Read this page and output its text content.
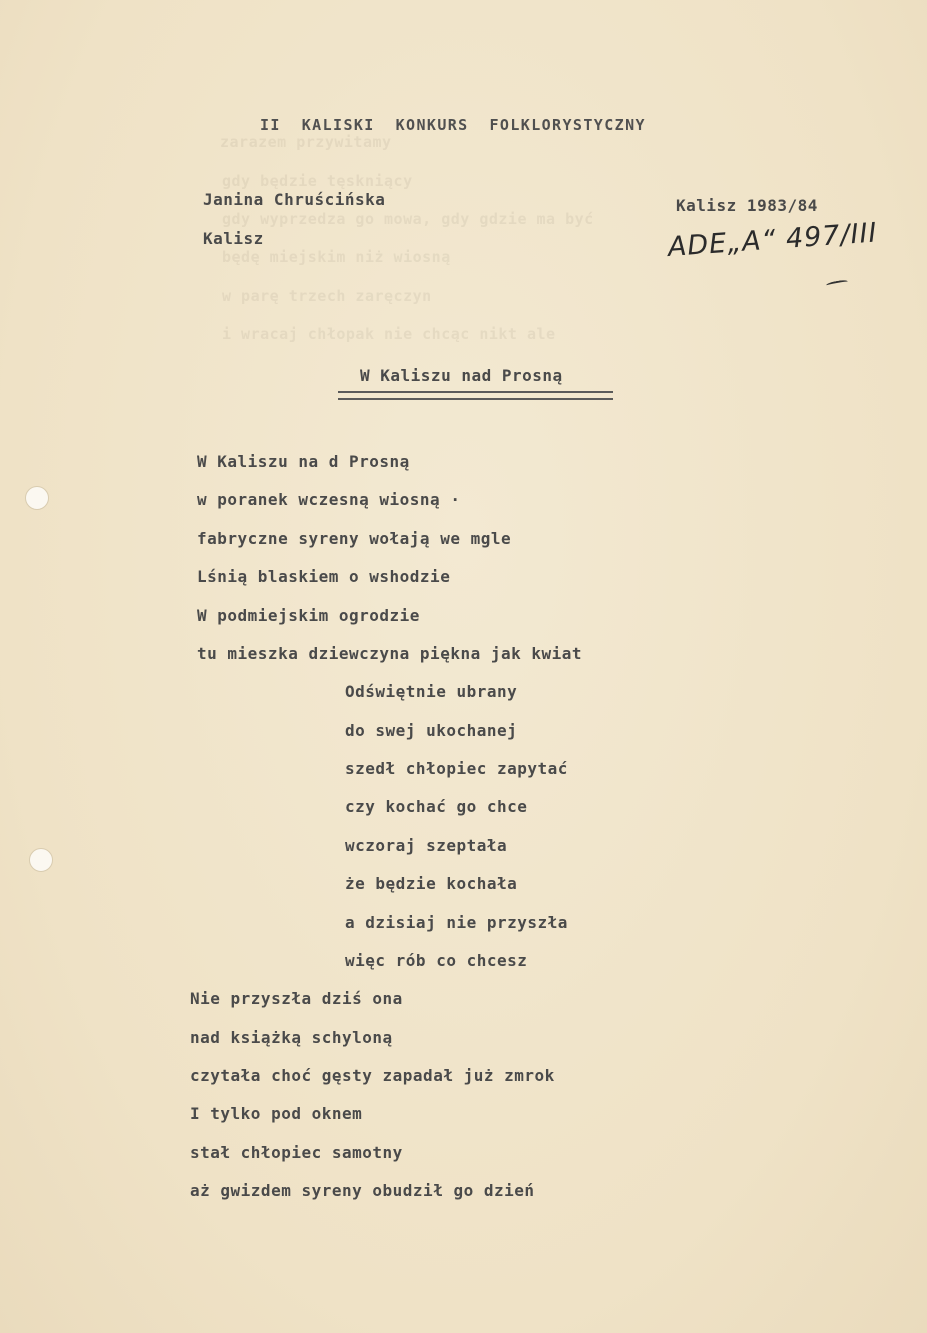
zarazem przywitamy
gdy będzie tęskniący
gdy wyprzedza go mowa, gdy gdzie ma być
będę miejskim niż wiosną
w parę trzech zaręczyn
i wracaj chłopak nie chcąc nikt ale
II  KALISKI  KONKURS  FOLKLORYSTYCZNY
Janina Chruścińska
Kalisz
Kalisz 1983/84
ADE„A“ 497/III
W Kaliszu nad Prosną
W Kaliszu na d Prosną
w poranek wczesną wiosną ·
fabryczne syreny wołają we mgle
Lśnią blaskiem o wshodzie
W podmiejskim ogrodzie
tu mieszka dziewczyna piękna jak kwiat
Odświętnie ubrany
do swej ukochanej
szedł chłopiec zapytać
czy kochać go chce
wczoraj szeptała
że będzie kochała
a dzisiaj nie przyszła
więc rób co chcesz
Nie przyszła dziś ona
nad książką schyloną
czytała choć gęsty zapadał już zmrok
I tylko pod oknem
stał chłopiec samotny
aż gwizdem syreny obudził go dzień
